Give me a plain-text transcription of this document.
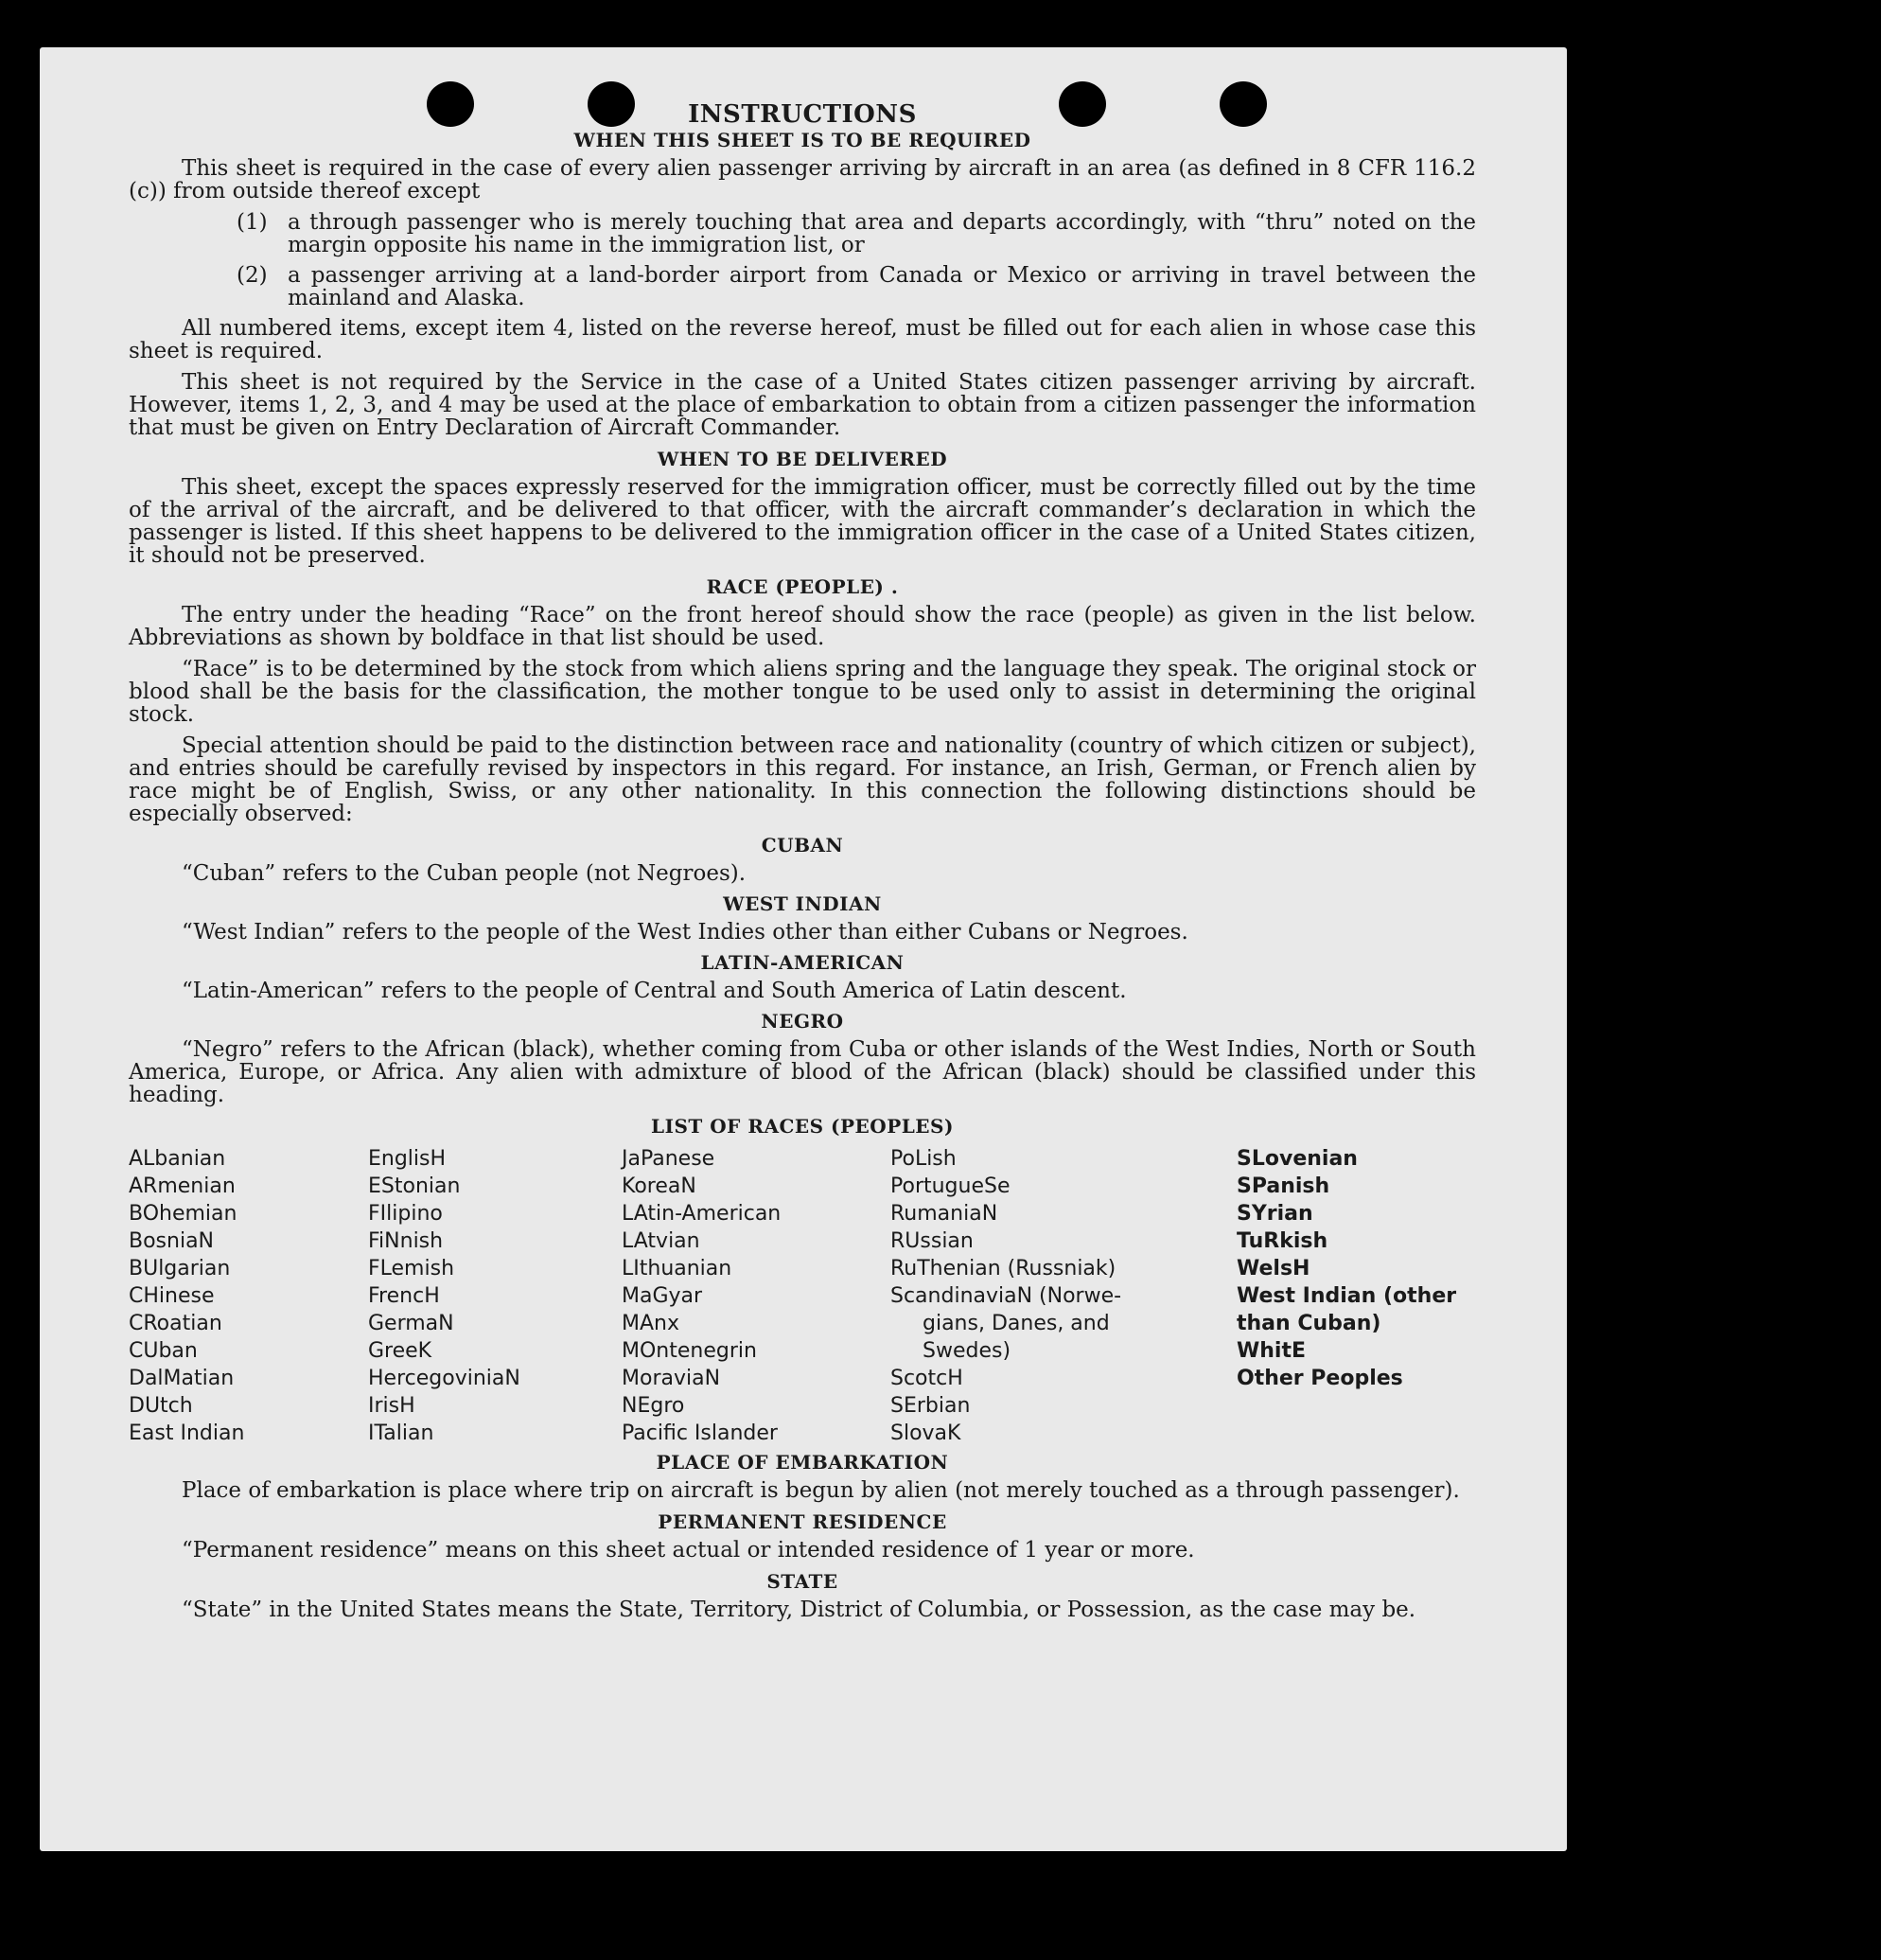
INSTRUCTIONS
WHEN THIS SHEET IS TO BE REQUIRED

This sheet is required in the case of every alien passenger arriving by aircraft in an area (as defined in 8 CFR 116.2 (c)) from outside thereof except

(1) a through passenger who is merely touching that area and departs accordingly, with “thru” noted on the margin opposite his name in the immigration list, or
(2) a passenger arriving at a land-border airport from Canada or Mexico or arriving in travel between the mainland and Alaska.

All numbered items, except item 4, listed on the reverse hereof, must be filled out for each alien in whose case this sheet is required.

This sheet is not required by the Service in the case of a United States citizen passenger arriving by aircraft. However, items 1, 2, 3, and 4 may be used at the place of embarkation to obtain from a citizen passenger the information that must be given on Entry Declaration of Aircraft Commander.

WHEN TO BE DELIVERED

This sheet, except the spaces expressly reserved for the immigration officer, must be correctly filled out by the time of the arrival of the aircraft, and be delivered to that officer, with the aircraft commander’s declaration in which the passenger is listed. If this sheet happens to be delivered to the immigration officer in the case of a United States citizen, it should not be preserved.

RACE (PEOPLE) .

The entry under the heading “Race” on the front hereof should show the race (people) as given in the list below. Abbreviations as shown by boldface in that list should be used.

“Race” is to be determined by the stock from which aliens spring and the language they speak. The original stock or blood shall be the basis for the classification, the mother tongue to be used only to assist in determining the original stock.

Special attention should be paid to the distinction between race and nationality (country of which citizen or subject), and entries should be carefully revised by inspectors in this regard. For instance, an Irish, German, or French alien by race might be of English, Swiss, or any other nationality. In this connection the following distinctions should be especially observed:

CUBAN

“Cuban” refers to the Cuban people (not Negroes).

WEST INDIAN

“West Indian” refers to the people of the West Indies other than either Cubans or Negroes.

LATIN-AMERICAN

“Latin-American” refers to the people of Central and South America of Latin descent.

NEGRO

“Negro” refers to the African (black), whether coming from Cuba or other islands of the West Indies, North or South America, Europe, or Africa. Any alien with admixture of blood of the African (black) should be classified under this heading.

LIST OF RACES (PEOPLES)
ALbanian
ARmenian
BOhemian
BosniaN
BUlgarian
CHinese
CRoatian
CUban
DalMatian
DUtch
East Indian
EnglisH
EStonian
FIlipino
FiNnish
FLemish
FrencH
GermaN
GreeK
HercegoviniaN
IrisH
ITalian
JaPanese
KoreaN
LAtin-American
LAtvian
LIthuanian
MaGyar
MAnx
MOntenegrin
MoraviaN
NEgro
Pacific Islander
PoLish
PortugueSe
RumaniaN
RUssian
RuThenian (Russniak)
ScandinaviaN (Norwe-
gians, Danes, and
Swedes)
ScotcH
SErbian
SlovaK
SLovenian
SPanish
SYrian
TuRkish
WelsH
West Indian (other
than Cuban)
WhitE
Other Peoples
PLACE OF EMBARKATION

Place of embarkation is place where trip on aircraft is begun by alien (not merely touched as a through passenger).

PERMANENT RESIDENCE

“Permanent residence” means on this sheet actual or intended residence of 1 year or more.

STATE

“State” in the United States means the State, Territory, District of Columbia, or Possession, as the case may be.
